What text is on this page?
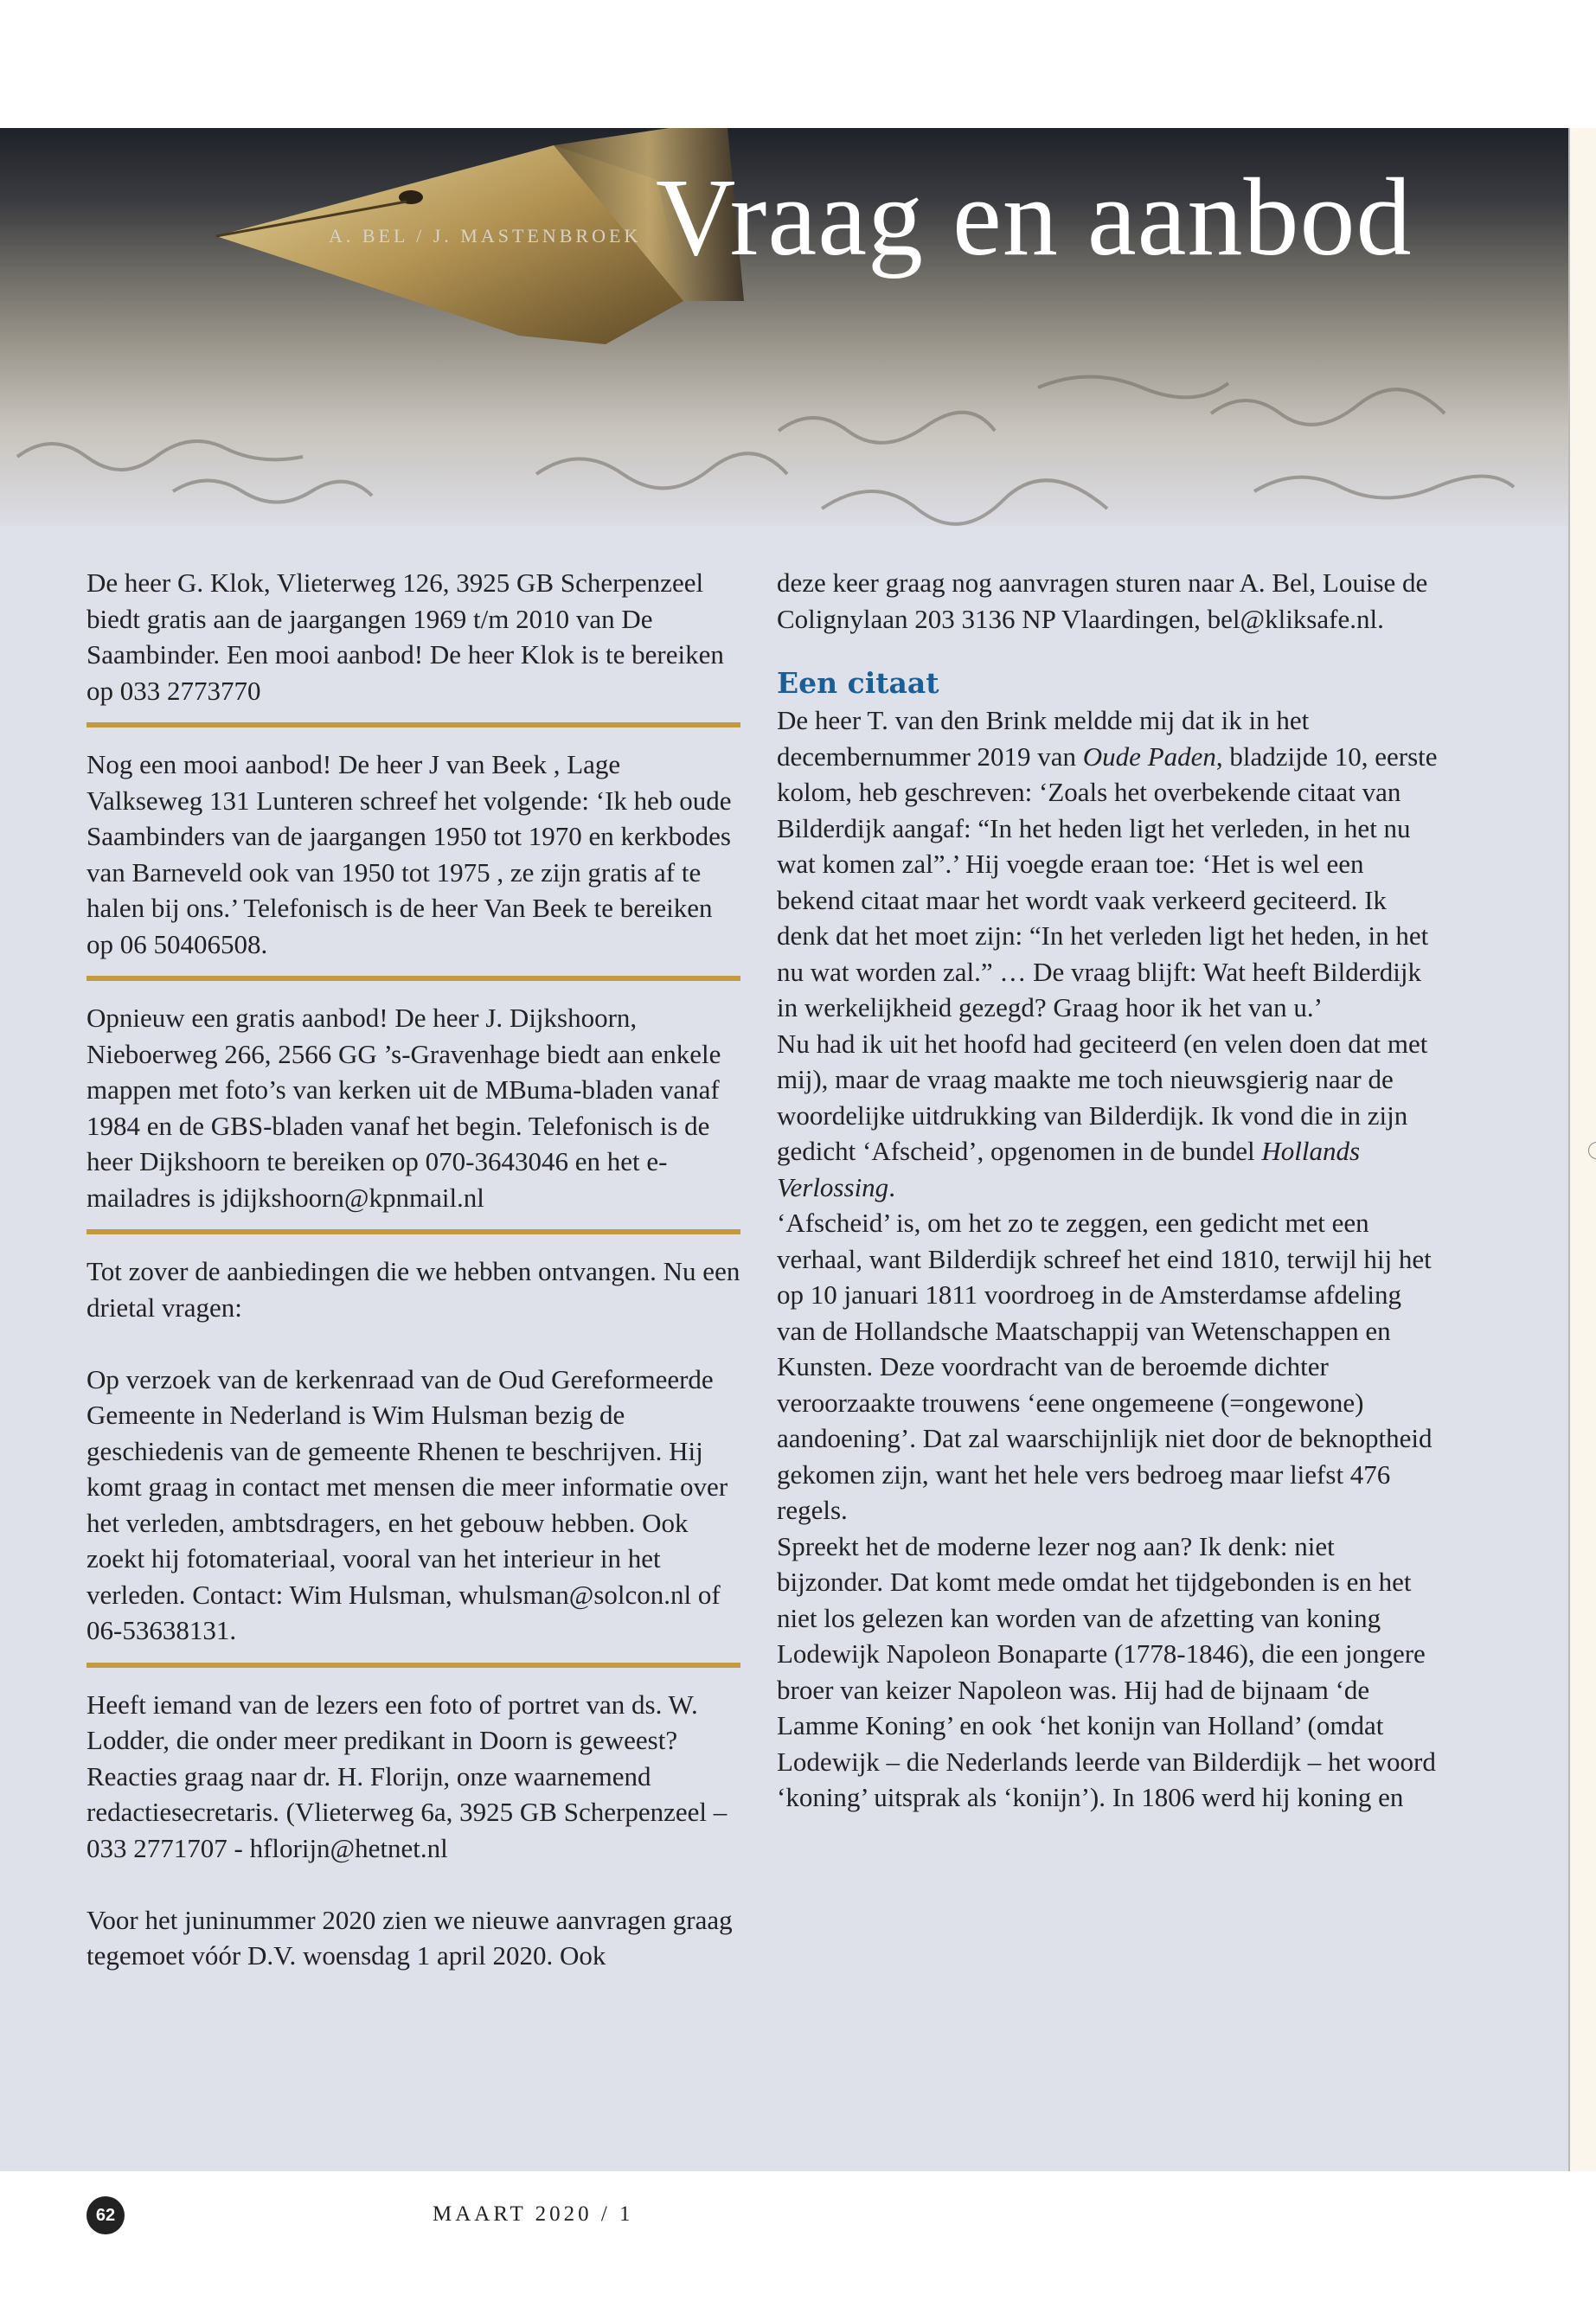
A. BEL / J. MASTENBROEK Vraag en aanbod

De heer G. Klok, Vlieterweg 126, 3925 GB Scherpenzeel biedt gratis aan de jaargangen 1969 t/m 2010 van De Saambinder. Een mooi aanbod! De heer Klok is te bereiken op 033 2773770

Nog een mooi aanbod! De heer J van Beek , Lage Valkseweg 131 Lunteren schreef het volgende: ‘Ik heb oude Saambinders van de jaargangen 1950 tot 1970 en kerkbodes van Barneveld ook van 1950 tot 1975 , ze zijn gratis af te halen bij ons.’ Telefonisch is de heer Van Beek te bereiken op 06 50406508.

Opnieuw een gratis aanbod! De heer J. Dijkshoorn, Nieboerweg 266, 2566 GG ’s-Gravenhage biedt aan enkele mappen met foto’s van kerken uit de MBuma-bladen vanaf 1984 en de GBS-bladen vanaf het begin. Telefonisch is de heer Dijkshoorn te bereiken op 070-3643046 en het e-mailadres is jdijkshoorn@kpnmail.nl

Tot zover de aanbiedingen die we hebben ontvangen. Nu een drietal vragen:

Op verzoek van de kerkenraad van de Oud Gereformeerde Gemeente in Nederland is Wim Hulsman bezig de geschiedenis van de gemeente Rhenen te beschrijven. Hij komt graag in contact met mensen die meer informatie over het verleden, ambtsdragers, en het gebouw hebben. Ook zoekt hij fotomateriaal, vooral van het interieur in het verleden. Contact: Wim Hulsman, whulsman@solcon.nl of 06-53638131.

Heeft iemand van de lezers een foto of portret van ds. W. Lodder, die onder meer predikant in Doorn is geweest? Reacties graag naar dr. H. Florijn, onze waarnemend redactiesecretaris. (Vlieterweg 6a, 3925 GB Scherpenzeel – 033 2771707 - hflorijn@hetnet.nl

Voor het juninummer 2020 zien we nieuwe aanvragen graag tegemoet vóór D.V. woensdag 1 april 2020. Ook

deze keer graag nog aanvragen sturen naar A. Bel, Louise de Colignylaan 203 3136 NP Vlaardingen, bel@kliksafe.nl.

Een citaat

De heer T. van den Brink meldde mij dat ik in het decembernummer 2019 van Oude Paden, bladzijde 10, eerste kolom, heb geschreven: ‘Zoals het overbekende citaat van Bilderdijk aangaf: “In het heden ligt het verleden, in het nu wat komen zal”.’ Hij voegde eraan toe: ‘Het is wel een bekend citaat maar het wordt vaak verkeerd geciteerd. Ik denk dat het moet zijn: “In het verleden ligt het heden, in het nu wat worden zal.” … De vraag blijft: Wat heeft Bilderdijk in werkelijkheid gezegd? Graag hoor ik het van u.’

Nu had ik uit het hoofd had geciteerd (en velen doen dat met mij), maar de vraag maakte me toch nieuwsgierig naar de woordelijke uitdrukking van Bilderdijk. Ik vond die in zijn gedicht ‘Afscheid’, opgenomen in de bundel Hollands Verlossing.

‘Afscheid’ is, om het zo te zeggen, een gedicht met een verhaal, want Bilderdijk schreef het eind 1810, terwijl hij het op 10 januari 1811 voordroeg in de Amsterdamse afdeling van de Hollandsche Maatschappij van Wetenschappen en Kunsten. Deze voordracht van de beroemde dichter veroorzaakte trouwens ‘eene ongemeene (=ongewone) aandoening’. Dat zal waarschijnlijk niet door de beknoptheid gekomen zijn, want het hele vers bedroeg maar liefst 476 regels.

Spreekt het de moderne lezer nog aan? Ik denk: niet bijzonder. Dat komt mede omdat het tijdgebonden is en het niet los gelezen kan worden van de afzetting van koning Lodewijk Napoleon Bonaparte (1778-1846), die een jongere broer van keizer Napoleon was. Hij had de bijnaam ‘de Lamme Koning’ en ook ‘het konijn van Holland’ (omdat Lodewijk – die Nederlands leerde van Bilderdijk – het woord ‘koning’ uitsprak als ‘konijn’). In 1806 werd hij koning en

62	MAART 2020 / 1
